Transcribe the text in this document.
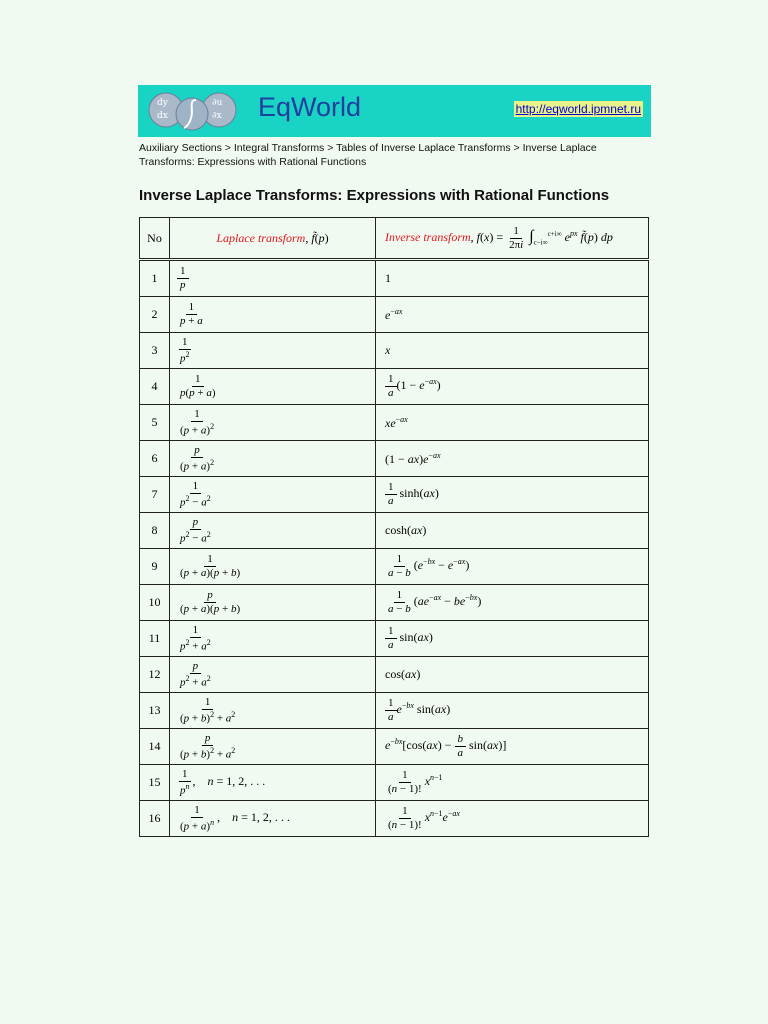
dy
dx
∂u
∂x EqWorld	http://eqworld.ipmnet.ru
Auxiliary Sections > Integral Transforms > Tables of Inverse Laplace Transforms > Inverse Laplace Transforms: Expressions with Rational Functions
Inverse Laplace Transforms: Expressions with Rational Functions
No	Laplace transform, f̃(p)	Inverse transform, $f(x) = \frac{1}{2\pi i} \int_{c-i\infty}^{c+i\infty}$ $e^{px}$ f̃(p) dp
1	$\frac{1}{p}$	1
2	$\frac{1}{p + a}$	$e^{-ax}$
3	$\frac{1}{p^2}$	x
4	$\frac{1}{p(p + a)}$	$\frac{1}{a} (1 - e^{-ax})$
5	$\frac{1}{(p + a)^2}$	$xe^{-ax}$
6	$\frac{p}{(p + a)^2}$	$(1 - ax)e^{-ax}$
7	$\frac{1}{p^2 - a^2}$	$\frac{1}{a} \sinh(ax)$
8	$\frac{p}{p^2 - a^2}$	cosh(ax)
9	$\frac{1}{(p + a)(p + b)}$	$\frac{1}{a - b} (e^{-bx} - e^{-ax})$
10	$\frac{p}{(p + a)(p + b)}$	$\frac{1}{a - b} (ae^{-ax} - be^{-bx})$
11	$\frac{1}{p^2 + a^2}$	$\frac{1}{a} \sin(ax)$
12	$\frac{p}{p^2 + a^2}$	cos(ax)
13	$\frac{1}{(p + b)^2 + a^2}$	$\frac{1}{a} e^{-bx}$ sin(ax)
14	$\frac{p}{(p + b)^2 + a^2}$	$e^{-bx}[\cos(ax) - \frac{b}{a} \sin(ax)]$
15	$\frac{1}{p^n}$ ,    n = 1, 2, . . .	$\frac{1}{(n - 1)!} x^{n-1}$
16	$\frac{1}{(p + a)^n}$ ,    n = 1, 2, . . .	$\frac{1}{(n - 1)!} x^{n-1}e^{-ax}$
